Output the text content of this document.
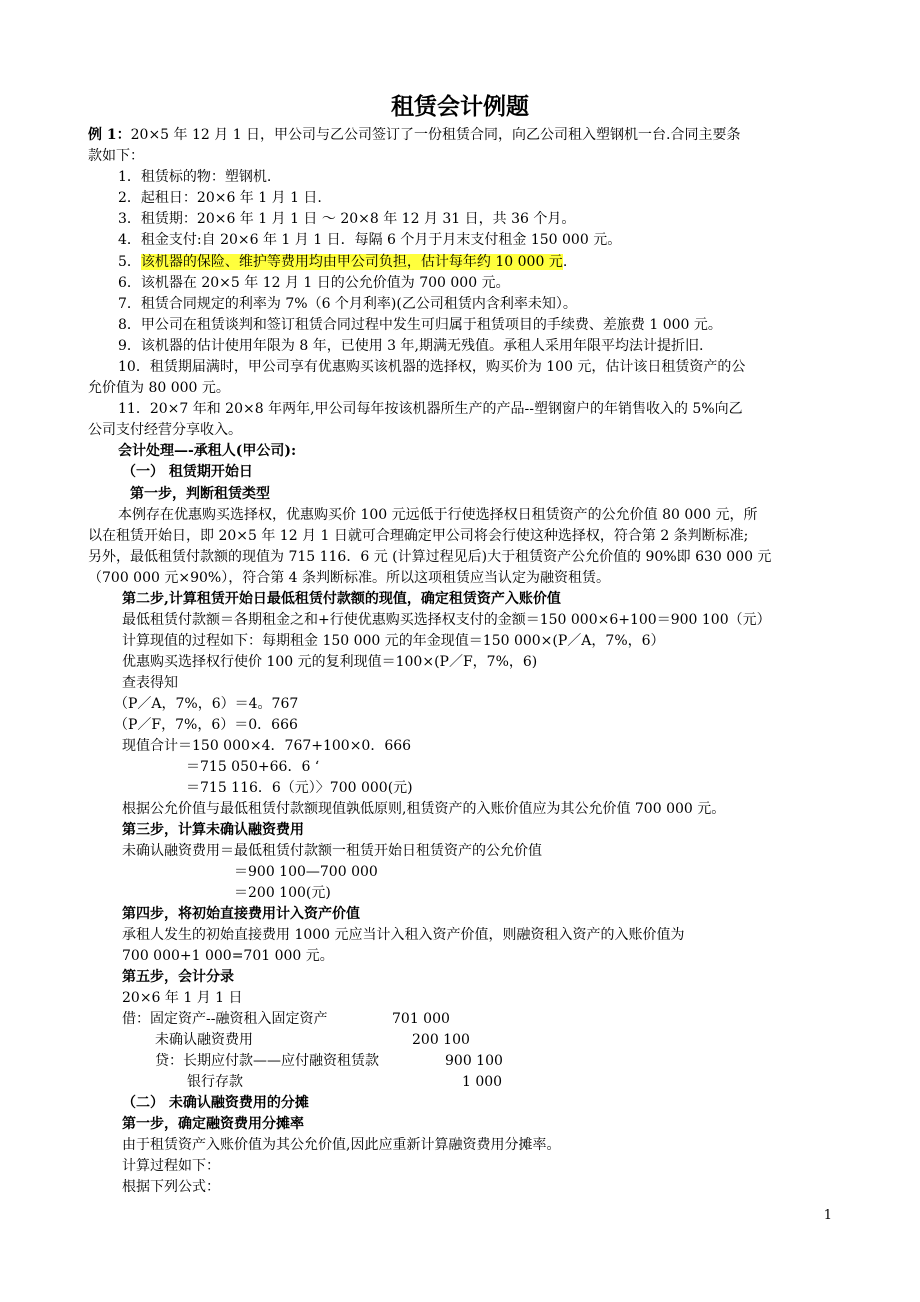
租赁会计例题
例 1：20×5 年 12 月 1 日，甲公司与乙公司签订了一份租赁合同，向乙公司租入塑钢机一台.合同主要条
款如下：
1．租赁标的物：塑钢机.
2．起租日：20×6 年 1 月 1 日.
3．租赁期：20×6 年 1 月 1 日 ～ 20×8 年 12 月 31 日，共 36 个月。
4．租金支付:自 20×6 年 1 月 1 日．每隔 6 个月于月末支付租金 150 000 元。
5．该机器的保险、维护等费用均由甲公司负担，估计每年约 10 000 元.
6．该机器在 20×5 年 12 月 1 日的公允价值为 700 000 元。
7．租赁合同规定的利率为 7%（6 个月利率)(乙公司租赁内含利率未知）。
8．甲公司在租赁谈判和签订租赁合同过程中发生可归属于租赁项目的手续费、差旅费 1 000 元。
9．该机器的估计使用年限为 8 年，已使用 3 年,期满无残值。承租人采用年限平均法计提折旧.
10．租赁期届满时，甲公司享有优惠购买该机器的选择权，购买价为 100 元，估计该日租赁资产的公
允价值为 80 000 元。
11．20×7 年和 20×8 年两年,甲公司每年按该机器所生产的产品--塑钢窗户的年销售收入的 5%向乙
公司支付经营分享收入。
会计处理—-承租人(甲公司):
（一） 租赁期开始日
第一步，判断租赁类型
本例存在优惠购买选择权，优惠购买价 100 元远低于行使选择权日租赁资产的公允价值 80 000 元，所
以在租赁开始日，即 20×5 年 12 月 1 日就可合理确定甲公司将会行使这种选择权，符合第 2 条判断标准;
另外，最低租赁付款额的现值为 715 116．6 元 (计算过程见后)大于租赁资产公允价值的 90%即 630 000 元
（700 000 元×90%），符合第 4 条判断标准。所以这项租赁应当认定为融资租赁。
第二步,计算租赁开始日最低租赁付款额的现值，确定租赁资产入账价值
最低租赁付款额＝各期租金之和+行使优惠购买选择权支付的金额＝150 000×6+100＝900 100（元）
计算现值的过程如下：每期租金 150 000 元的年金现值＝150 000×(P／A，7%，6）
优惠购买选择权行使价 100 元的复利现值＝100×(P／F，7%，6)
查表得知
（P／A，7%，6）＝4。767
（P／F，7%，6）＝0．666
现值合计＝150 000×4．767+100×0．666
＝715 050+66．6 ‘
＝715 116．6（元）〉700 000(元)
根据公允价值与最低租赁付款额现值孰低原则,租赁资产的入账价值应为其公允价值 700 000 元。
第三步，计算未确认融资费用
未确认融资费用＝最低租赁付款额一租赁开始日租赁资产的公允价值
＝900 100—700 000
＝200 100(元)
第四步，将初始直接费用计入资产价值
承租人发生的初始直接费用 1000 元应当计入租入资产价值，则融资租入资产的入账价值为
700 000+1 000=701 000 元。
第五步，会计分录
20×6 年 1 月 1 日
借：固定资产--融资租入固定资产	701 000
未确认融资费用	200 100
贷：长期应付款——应付融资租赁款	900 100
银行存款	1 000
（二） 未确认融资费用的分摊
第一步，确定融资费用分摊率
由于租赁资产入账价值为其公允价值,因此应重新计算融资费用分摊率。
计算过程如下：
根据下列公式：
1
